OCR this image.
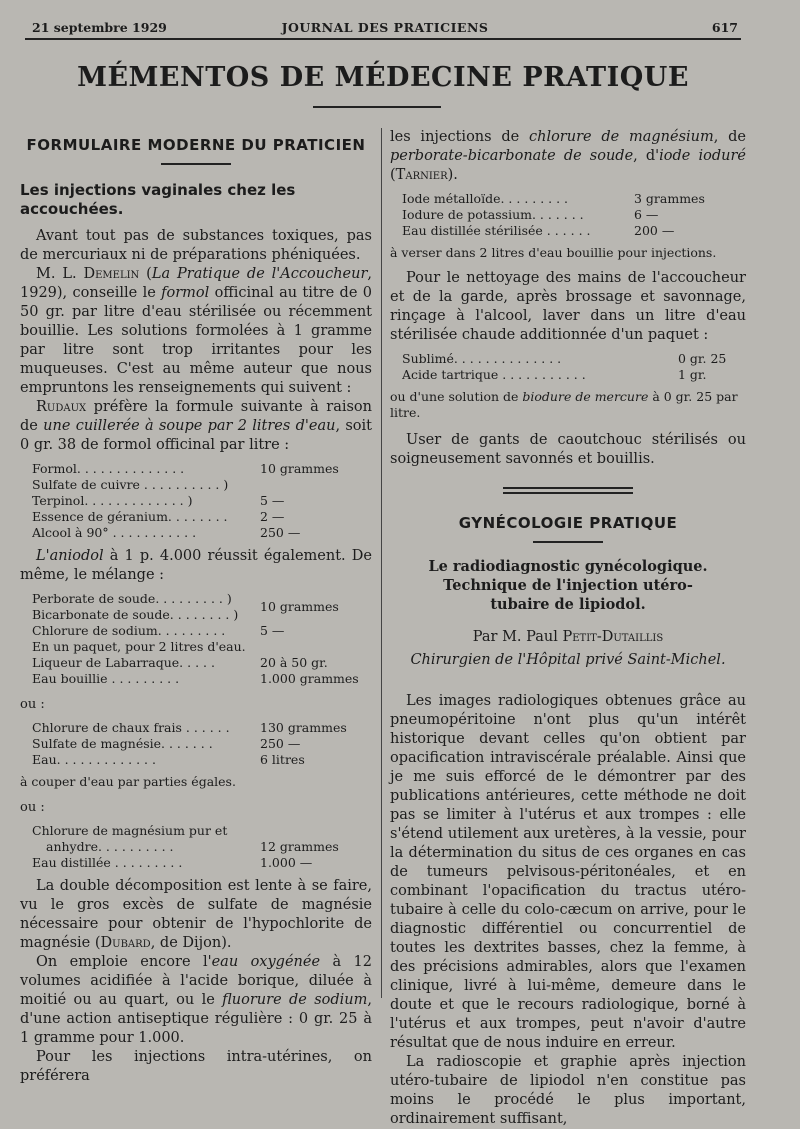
21 septembre 1929	JOURNAL DES PRATICIENS	617
MÉMENTOS DE MÉDECINE PRATIQUE
FORMULAIRE MODERNE DU PRATICIEN
Les injections vaginales chez les accouchées.

Avant tout pas de substances toxiques, pas de mercuriaux ni de préparations phéniquées.

M. L. Demelin (La Pratique de l'Accoucheur, 1929), conseille le formol officinal au titre de 0 50 gr. par litre d'eau stérilisée ou récemment bouillie. Les solutions formolées à 1 gramme par litre sont trop irritantes pour les muqueuses. C'est au même auteur que nous empruntons les renseignements qui suivent :

Rudaux préfère la formule suivante à raison de une cuillerée à soupe par 2 litres d'eau, soit 0 gr. 38 de formol officinal par litre :

Formol. . . . . . . . . . . . . .	10 grammes
Sulfate de cuivre . . . . . . . . . . )
Terpinol. . . . . . . . . . . . . )	5 —
Essence de géranium. . . . . . . .	2 —
Alcool à 90° . . . . . . . . . . .	250 —

L'aniodol à 1 p. 4.000 réussit également. De même, le mélange :

Perborate de soude. . . . . . . . . )
Bicarbonate de soude. . . . . . . . )
10 grammes
Chlorure de sodium. . . . . . . . .	5 —
En un paquet, pour 2 litres d'eau.
Liqueur de Labarraque. . . . .	20 à 50 gr.
Eau bouillie . . . . . . . . .	1.000 grammes
ou :
Chlorure de chaux frais . . . . . .	130 grammes
Sulfate de magnésie. . . . . . .	250 —
Eau. . . . . . . . . . . . .	6 litres
à couper d'eau par parties égales.
ou :
Chlorure de magnésium pur et
anhydre. . . . . . . . . .	12 grammes
Eau distillée . . . . . . . . .	1.000 —

La double décomposition est lente à se faire, vu le gros excès de sulfate de magnésie nécessaire pour obtenir de l'hypochlorite de magnésie (Dubard, de Dijon).

On emploie encore l'eau oxygénée à 12 volumes acidifiée à l'acide borique, diluée à moitié ou au quart, ou le fluorure de sodium, d'une action antiseptique régulière : 0 gr. 25 à 1 gramme pour 1.000.

Pour les injections intra-utérines, on préférera

les injections de chlorure de magnésium, de perborate-bicarbonate de soude, d'iode ioduré (Tarnier).

Iode métalloïde. . . . . . . . .	3 grammes
Iodure de potassium. . . . . . .	6 —
Eau distillée stérilisée . . . . . .	200 —
à verser dans 2 litres d'eau bouillie pour injections.

Pour le nettoyage des mains de l'accoucheur et de la garde, après brossage et savonnage, rinçage à l'alcool, laver dans un litre d'eau stérilisée chaude additionnée d'un paquet :

Sublimé. . . . . . . . . . . . . .	0 gr. 25
Acide tartrique . . . . . . . . . . .	1 gr.
ou d'une solution de biodure de mercure à 0 gr. 25 par litre.

User de gants de caoutchouc stérilisés ou soigneusement savonnés et bouillis.

GYNÉCOLOGIE PRATIQUE
Le radiodiagnostic gynécologique.
Technique de l'injection utéro-tubaire de lipiodol.
Par M. Paul Petit-Dutaillis
Chirurgien de l'Hôpital privé Saint-Michel.

Les images radiologiques obtenues grâce au pneumopéritoine n'ont plus qu'un intérêt historique devant celles qu'on obtient par opacification intraviscérale préalable. Ainsi que je me suis efforcé de le démontrer par des publications antérieures, cette méthode ne doit pas se limiter à l'utérus et aux trompes : elle s'étend utilement aux uretères, à la vessie, pour la détermination du situs de ces organes en cas de tumeurs pelvisous-péritonéales, et en combinant l'opacification du tractus utéro-tubaire à celle du colo-cæcum on arrive, pour le diagnostic différentiel ou concurrentiel de toutes les dextrites basses, chez la femme, à des précisions admirables, alors que l'examen clinique, livré à lui-même, demeure dans le doute et que le recours radiologique, borné à l'utérus et aux trompes, peut n'avoir d'autre résultat que de nous induire en erreur.

La radioscopie et graphie après injection utéro-tubaire de lipiodol n'en constitue pas moins le procédé le plus important, ordinairement suffisant,
